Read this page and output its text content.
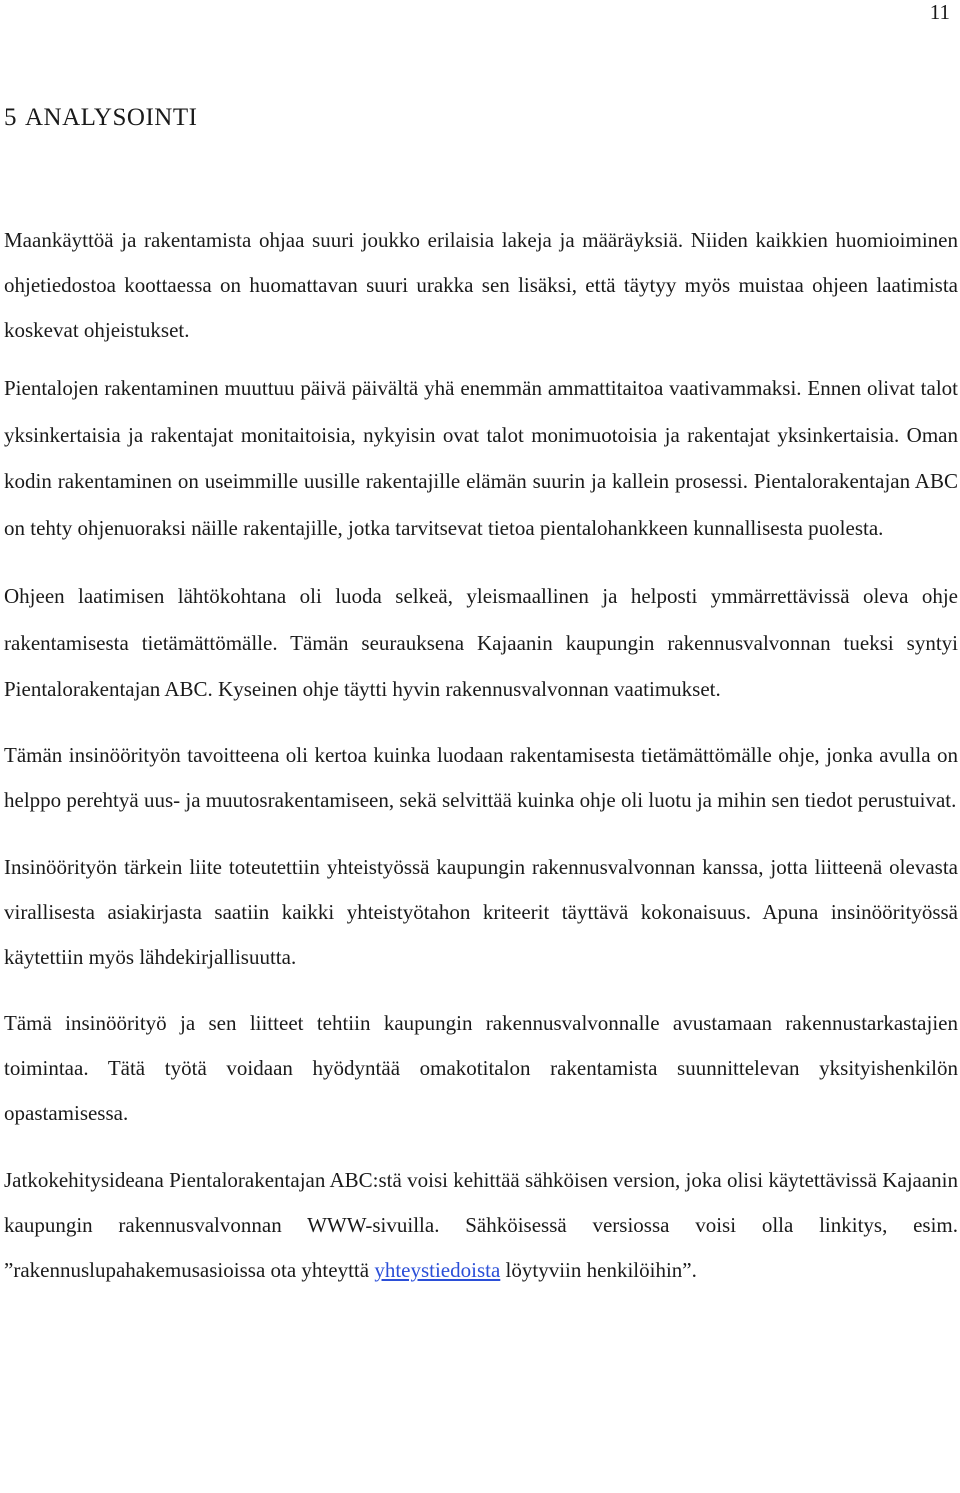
11
5 ANALYSOINTI

Maankäyttöä ja rakentamista ohjaa suuri joukko erilaisia lakeja ja määräyksiä. Niiden kaikkien huomioiminen ohjetiedostoa koottaessa on huomattavan suuri urakka sen lisäksi, että täytyy myös muistaa ohjeen laatimista koskevat ohjeistukset.

Pientalojen rakentaminen muuttuu päivä päivältä yhä enemmän ammattitaitoa vaativammaksi. Ennen olivat talot yksinkertaisia ja rakentajat monitaitoisia, nykyisin ovat talot monimuotoisia ja rakentajat yksinkertaisia. Oman kodin rakentaminen on useimmille uusille rakentajille elämän suurin ja kallein prosessi. Pientalorakentajan ABC on tehty ohjenuoraksi näille rakentajille, jotka tarvitsevat tietoa pientalohankkeen kunnallisesta puolesta.

Ohjeen laatimisen lähtökohtana oli luoda selkeä, yleismaallinen ja helposti ymmärrettävissä oleva ohje rakentamisesta tietämättömälle. Tämän seurauksena Kajaanin kaupungin rakennusvalvonnan tueksi syntyi Pientalorakentajan ABC. Kyseinen ohje täytti hyvin rakennusvalvonnan vaatimukset.

Tämän insinöörityön tavoitteena oli kertoa kuinka luodaan rakentamisesta tietämättömälle ohje, jonka avulla on helppo perehtyä uus- ja muutosrakentamiseen, sekä selvittää kuinka ohje oli luotu ja mihin sen tiedot perustuivat.

Insinöörityön tärkein liite toteutettiin yhteistyössä kaupungin rakennusvalvonnan kanssa, jotta liitteenä olevasta virallisesta asiakirjasta saatiin kaikki yhteistyötahon kriteerit täyttävä kokonaisuus. Apuna insinöörityössä käytettiin myös lähdekirjallisuutta.

Tämä insinöörityö ja sen liitteet tehtiin kaupungin rakennusvalvonnalle avustamaan rakennustarkastajien toimintaa. Tätä työtä voidaan hyödyntää omakotitalon rakentamista suunnittelevan yksityishenkilön opastamisessa.

Jatkokehitysideana Pientalorakentajan ABC:stä voisi kehittää sähköisen version, joka olisi käytettävissä Kajaanin kaupungin rakennusvalvonnan WWW-sivuilla. Sähköisessä versiossa voisi olla linkitys, esim. ”rakennuslupahakemusasioissa ota yhteyttä yhteystiedoista löytyviin henkilöihin”.
